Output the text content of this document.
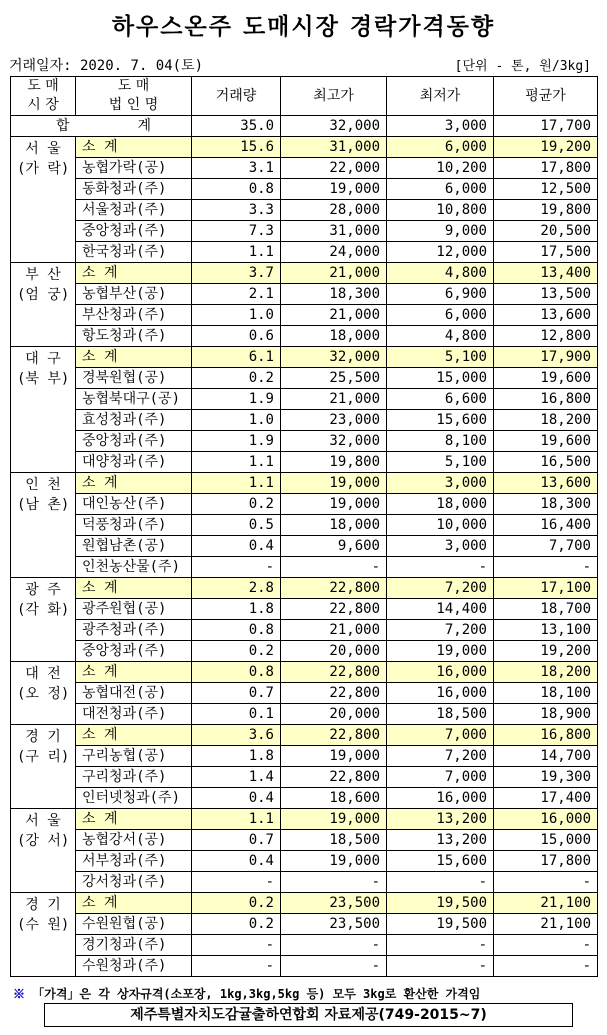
하우스온주 도매시장 경락가격동향
거래일자: 2020. 7. 04(토)	[단위 - 톤, 원/3kg]
도 매
시 장	도 매
법 인 명	거래량	최고가	최저가	평균가

합 계		35.0	32,000	3,000	17,700

서 울
(가 락)	소 계	15.6	31,000	6,000	19,200
	농협가락(공)	3.1	22,000	10,200	17,800
	동화청과(주)	0.8	19,000	6,000	12,500
	서울청과(주)	3.3	28,000	10,800	19,800
	중앙청과(주)	7.3	31,000	9,000	20,500
	한국청과(주)	1.1	24,000	12,000	17,500

부 산
(엄 궁)	소 계	3.7	21,000	4,800	13,400
	농협부산(공)	2.1	18,300	6,900	13,500
	부산청과(주)	1.0	21,000	6,000	13,600
	항도청과(주)	0.6	18,000	4,800	12,800

대 구
(북 부)	소 계	6.1	32,000	5,100	17,900
	경북원협(공)	0.2	25,500	15,000	19,600
	농협북대구(공)	1.9	21,000	6,600	16,800
	효성청과(주)	1.0	23,000	15,600	18,200
	중앙청과(주)	1.9	32,000	8,100	19,600
	대양청과(주)	1.1	19,800	5,100	16,500

인 천
(남 촌)	소 계	1.1	19,000	3,000	13,600
	대인농산(주)	0.2	19,000	18,000	18,300
	덕풍청과(주)	0.5	18,000	10,000	16,400
	원협남촌(공)	0.4	9,600	3,000	7,700
	인천농산물(주)	-	-	-	-

광 주
(각 화)	소 계	2.8	22,800	7,200	17,100
	광주원협(공)	1.8	22,800	14,400	18,700
	광주청과(주)	0.8	21,000	7,200	13,100
	중앙청과(주)	0.2	20,000	19,000	19,200

대 전
(오 정)	소 계	0.8	22,800	16,000	18,200
	농협대전(공)	0.7	22,800	16,000	18,100
	대전청과(주)	0.1	20,000	18,500	18,900

경 기
(구 리)	소 계	3.6	22,800	7,000	16,800
	구리농협(공)	1.8	19,000	7,200	14,700
	구리청과(주)	1.4	22,800	7,000	19,300
	인터넷청과(주)	0.4	18,600	16,000	17,400

서 울
(강 서)	소 계	1.1	19,000	13,200	16,000
	농협강서(공)	0.7	18,500	13,200	15,000
	서부청과(주)	0.4	19,000	15,600	17,800
	강서청과(주)	-	-	-	-

경 기
(수 원)	소 계	0.2	23,500	19,500	21,100
	수원원협(공)	0.2	23,500	19,500	21,100
	경기청과(주)	-	-	-	-
	수원청과(주)	-	-	-	-
※ 「가격」은 각 상자규격(소포장, 1kg,3kg,5kg 등) 모두 3kg로 환산한 가격임
제주특별자치도감귤출하연합회 자료제공(749-2015~7)
